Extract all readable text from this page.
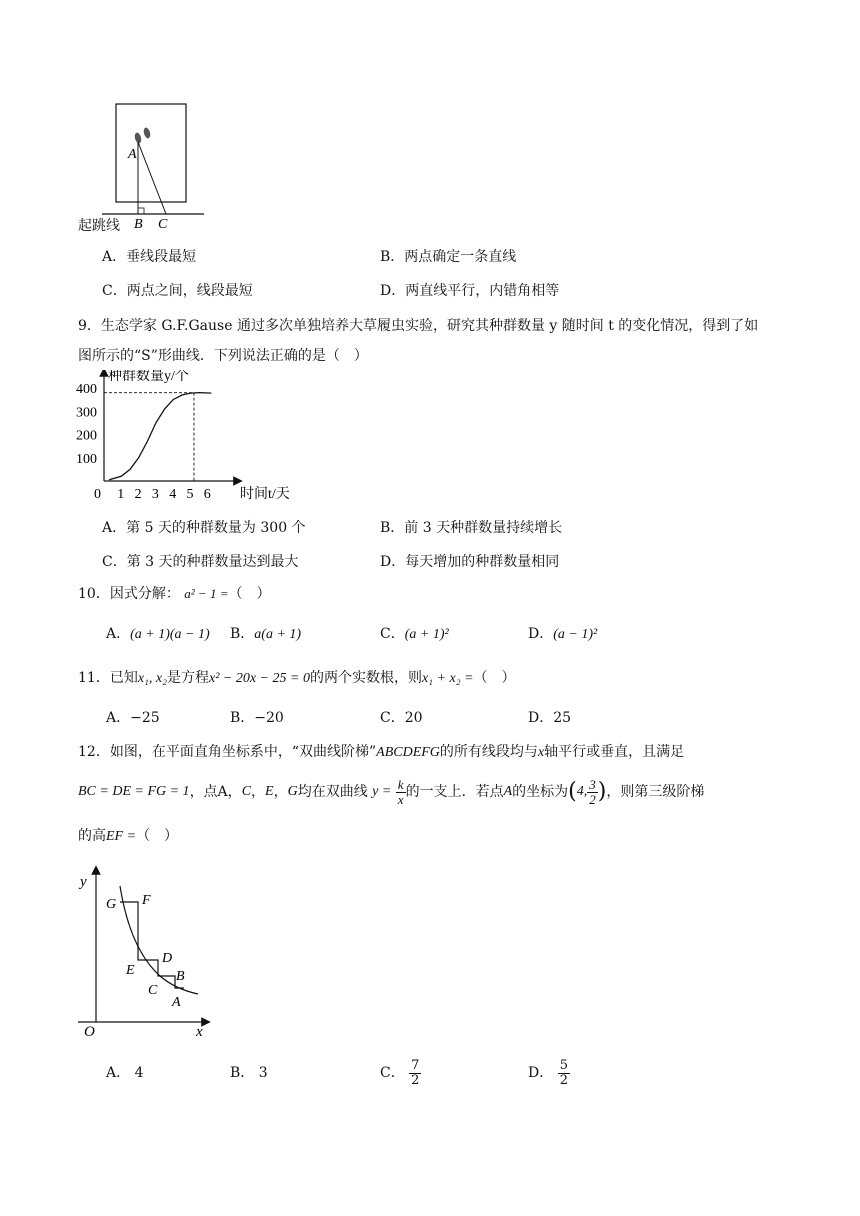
A
B C
起跳线
A．垂线段最短	B．两点确定一条直线
C．两点之间，线段最短	D．两直线平行，内错角相等
9．生态学家 G.F.Gause 通过多次单独培养大草履虫实验，研究其种群数量 y 随时间 t 的变化情况，得到了如
图所示的“S”形曲线．下列说法正确的是（　）
1 2 3 4 5 6
100
200
300
400
种群数量y/个
时间t/天
0
A．第 5 天的种群数量为 300 个	B．前 3 天种群数量持续增长
C．第 3 天的种群数量达到最大	D．每天增加的种群数量相同
10．因式分解： a² − 1 =（　）
A．(a + 1)(a − 1) B．a(a + 1)	C．(a + 1)²	D．(a − 1)²
11．已知x₁, x₂是方程x² − 20x − 25 = 0的两个实数根，则x₁ + x₂ =（　）
A．−25	B．−20	C．20	D．25
12．如图，在平面直角坐标系中，“双曲线阶梯”ABCDEFG的所有线段均与x轴平行或垂直，且满足
BC = DE = FG = 1 ，点A， C ， E ， G 均在双曲线
y =
$\frac{k}{x}$ 的一支上．若点 A 的坐标为 ( 4, $\frac{3}{2}$ ) ，则第三级阶梯
的高EF =（　）
y
x
O
G F
E
D
C
B
A
A． 4	B． 3	C．
$\frac{7}{2}$	D．
$\frac{5}{2}$
